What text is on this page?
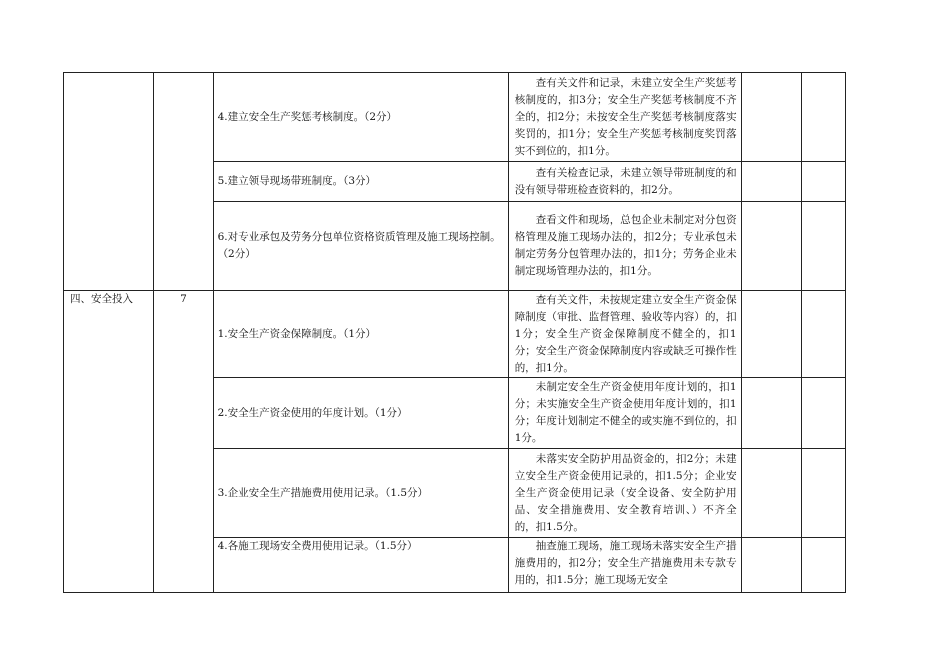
		4.建立安全生产奖惩考核制度。（2分）	查有关文件和记录，未建立安全生产奖惩考核制度的，扣3分；安全生产奖惩考核制度不齐全的，扣2分；未按安全生产奖惩考核制度落实奖罚的，扣1分；安全生产奖惩考核制度奖罚落实不到位的，扣1分。		

		5.建立领导现场带班制度。（3分）	查有关检查记录，未建立领导带班制度的和没有领导带班检查资料的，扣2分。		

		6.对专业承包及劳务分包单位资格资质管理及施工现场控制。（2分）	查看文件和现场，总包企业未制定对分包资格管理及施工现场办法的，扣2分；专业承包未制定劳务分包管理办法的，扣1分；劳务企业未制定现场管理办法的，扣1分。		

四、安全投入	7	1.安全生产资金保障制度。（1分）	查有关文件，未按规定建立安全生产资金保障制度（审批、监督管理、验收等内容）的，扣1分；安全生产资金保障制度不健全的，扣1分；安全生产资金保障制度内容或缺乏可操作性的，扣1分。		

		2.安全生产资金使用的年度计划。（1分）	未制定安全生产资金使用年度计划的，扣1分；未实施安全生产资金使用年度计划的，扣1分；年度计划制定不健全的或实施不到位的，扣1分。		

		3.企业安全生产措施费用使用记录。（1.5分）	未落实安全防护用品资金的，扣2分；未建立安全生产资金使用记录的，扣1.5分；企业安全生产资金使用记录（安全设备、安全防护用品、安全措施费用、安全教育培训、）不齐全的，扣1.5分。		

		4.各施工现场安全费用使用记录。（1.5分）	抽查施工现场，施工现场未落实安全生产措施费用的，扣2分；安全生产措施费用未专款专用的，扣1.5分；施工现场无安全		
